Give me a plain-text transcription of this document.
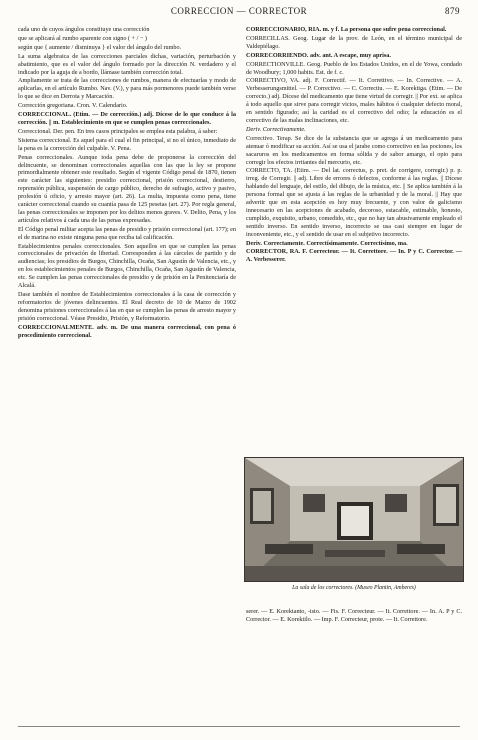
CORRECCION — CORRECTOR	879

cada uno de cuyos ángulos constituye una corrección

que se aplicará al rumbo aparente con signo ( + / − )

según que { aumente / disminuya } el valor del ángulo del rumbo.

La suma algebraica de las correcciones parciales dichas, variación, perturbación y abatimiento, que es el valor del ángulo formado por la dirección N. verdadero y el indicado por la aguja de a bordo, llámase también corrección total.

Ampliamente se trata de las correcciones de rumbos, manera de efectuarlas y modo de aplicarlas, en el artículo Rumbo. Nav. (V.), y para más pormenores puede también verse lo que se dice en Derrota y Marcación.

Corrección gregoriana. Cron. V. Calendario.

CORRECCIONAL. (Etim. — De corrección.) adj. Dícese de lo que conduce á la corrección. || m. Establecimiento en que se cumplen penas correccionales.

Correccional. Der. pen. En tres casos principales se emplea esta palabra, á saber:

Sistema correccional. Es aquel para el cual el fin principal, si no el único, inmediato de la pena es la corrección del culpable. V. Pena.

Penas correccionales. Aunque toda pena debe de proponerse la corrección del delincuente, se denominan correccionales aquellas con las que la ley se propone primordialmente obtener este resultado. Según el vigente Código penal de 1870, tienen este carácter las siguientes: presidio correccional, prisión correccional, destierro, reprensión pública, suspensión de cargo público, derecho de sufragio, activo y pasivo, profesión ú oficio, y arresto mayor (art. 26). La multa, impuesta como pena, tiene carácter correccional cuando su cuantía pasa de 125 pesetas (art. 27). Por regla general, las penas correccionales se imponen por los delitos menos graves. V. Delito, Pena, y los artículos relativos á cada una de las penas expresadas.

El Código penal militar acepta las penas de presidio y prisión correccional (art. 177); en el de marina no existe ninguna pena que reciba tal calificación.

Establecimientos penales correccionales. Son aquellos en que se cumplen las penas correccionales de privación de libertad. Corresponden á las cárceles de partido y de audiencias; los presidios de Burgos, Chinchilla, Ocaña, San Agustín de Valencia, etc., y en los establecimientos penales de Burgos, Chinchilla, Ocaña, San Agustín de Valencia, etc. Se cumplen las penas correccionales de presidio y de prisión en la Penitenciaría de Alcalá.

Dase también el nombre de Establecimientos correccionales á la casa de corrección y reformatorios de jóvenes delincuentes. El Real decreto de 10 de Marzo de 1902 denomina prisiones correccionales á las en que se cumplen las penas de arresto mayor y prisión correccional. Véase Presidio, Prisión, y Reformatorio.

CORRECCIONALMENTE. adv. m. De una manera correccional, con pena ó procedimiento correccional.

CORRECCIONARIO, RIA. m. y f. La persona que sufre pena correccional.

CORRECILLAS. Geog. Lugar de la prov. de León, en el término municipal de Valdepiélago.

CORRECORRIENDO. adv. ant. A escape, muy aprisa.

CORRECTIONVILLE. Geog. Pueblo de los Estados Unidos, en el de Yowa, condado de Woodbury; 1,000 habits. Est. de f. c.

CORRECTIVO, VA. adj. F. Correctif. — It. Correttivo. — In. Corrective. — A. Verbesserungsmittel. — P. Correctivo. — C. Correctiu. — E. Korektiga. (Etim. — De correcto.) adj. Dícese del medicamento que tiene virtud de corregir. || Por ext. se aplica á todo aquello que sirve para corregir vicios, males hábitos ó cualquier defecto moral, en sentido figurado; así la caridad es el correctivo del odio; la educación es el correctivo de las malas inclinaciones, etc.

Deriv. Correctivamente.

Correctivo. Terap. Se dice de la substancia que se agrega á un medicamento para atenuar ó modificar su acción. Así se usa el jarabe como correctivo en las pociones, los sacaruros en los medicamentos en forma sólida y de sabor amargo, el opio para corregir los efectos irritantes del mercurio, etc.

CORRECTO, TA. (Etim. — Del lat. correctus, p. pret. de corrigere, corregir.) p. p. irreg. de Corregir. || adj. Libre de errores ó defectos, conforme á las reglas. || Dícese hablando del lenguaje, del estilo, del dibujo, de la música, etc. || Se aplica también á la persona formal que se ajusta á las reglas de la urbanidad y de la moral. || Hay que advertir que en esta acepción es hoy muy frecuente, y con valor de galicismo innecesario en las acepciones de acabado, decoroso, estacable, estimable, honesto, cumplido, exquisito, urbano, comedido, etc., que no hay tan abusivamente empleado el sentido inverso. En sentido inverso, incorrecto se usa casi siempre en lugar de inconveniente, etc., y el sentido de usar en el subjetivo incorrecto.

Deriv. Correctamente. Correctísimamente. Correctísimo, ma.

CORRECTOR, RA. F. Correcteur. — It. Correttore. — In. P y C. Corrector. — A. Verbesserer.

La sala de los correctores. (Museo Plantin, Amberes)

serer. — E. Korektanto, -isto. — Fis. F. Correcteur. — It. Correttore. — In. A. P y C. Corrector. — E. Korektilo. — Imp. F. Correcteur, prote. — It. Correttore.
